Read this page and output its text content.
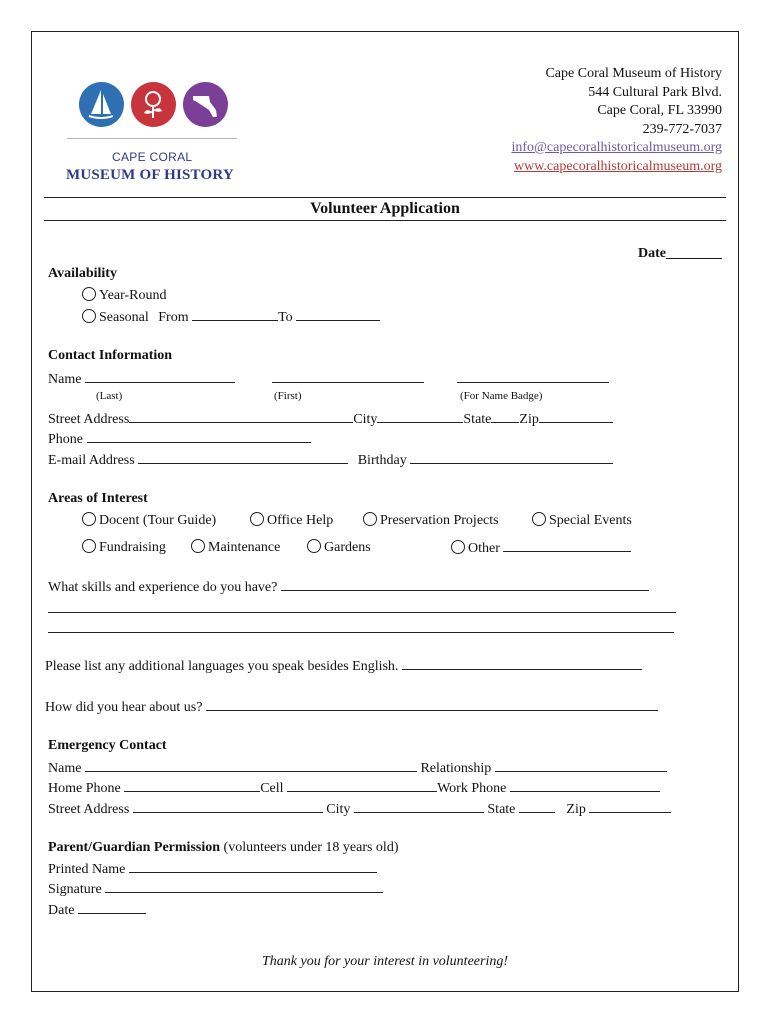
CAPE CORAL
MUSEUM OF HISTORY
Cape Coral Museum of History
544 Cultural Park Blvd.
Cape Coral, FL 33990
239-772-7037
info@capecoralhistoricalmuseum.org
www.capecoralhistoricalmuseum.org
Volunteer Application
Date________
Availability
Year-Round
Seasonal From	To
Contact Information
Name
(Last)	(First)	(For Name Badge)
Street Address	City	State Zip
Phone
E-mail Address	Birthday
Areas of Interest
Docent (Tour Guide)	Office Help	Preservation Projects	Special Events
Fundraising	Maintenance	Gardens	Other
What skills and experience do you have?
Please list any additional languages you speak besides English.
How did you hear about us?
Emergency Contact
Name	Relationship
Home Phone	Cell	Work Phone
Street Address	City	State	Zip
Parent/Guardian Permission (volunteers under 18 years old)
Printed Name
Signature
Date
Thank you for your interest in volunteering!
